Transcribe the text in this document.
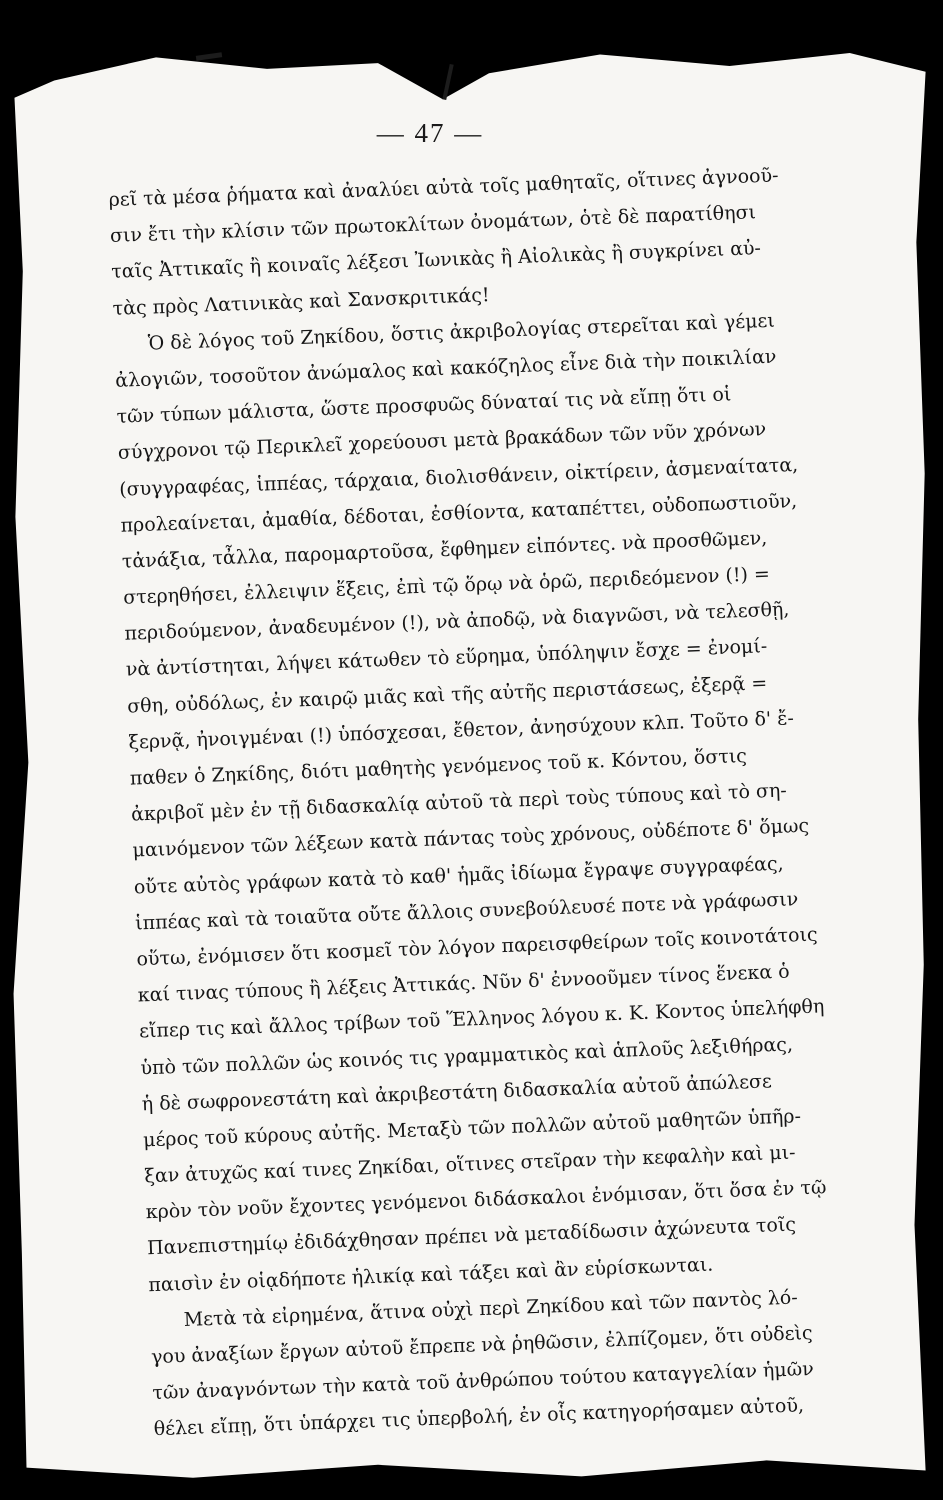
— 47 —
ρεῖ τὰ μέσα ῥήματα καὶ ἀναλύει αὐτὰ τοῖς μαθηταῖς, οἵτινες ἀγνοοῦ-
σιν ἔτι τὴν κλίσιν τῶν πρωτοκλίτων ὀνομάτων, ὁτὲ δὲ παρατίθησι
ταῖς Ἀττικαῖς ἢ κοιναῖς λέξεσι Ἰωνικὰς ἢ Αἰολικὰς ἢ συγκρίνει αὐ-
τὰς πρὸς Λατινικὰς καὶ Σανσκριτικάς!
Ὁ δὲ λόγος τοῦ Ζηκίδου, ὅστις ἀκριβολογίας στερεῖται καὶ γέμει
ἀλογιῶν, τοσοῦτον ἀνώμαλος καὶ κακόζηλος εἶνε διὰ τὴν ποικιλίαν
τῶν τύπων μάλιστα, ὥστε προσφυῶς δύναταί τις νὰ εἴπῃ ὅτι οἱ
σύγχρονοι τῷ Περικλεῖ χορεύουσι μετὰ βρακάδων τῶν νῦν χρόνων
(συγγραφέας, ἱππέας, τάρχαια, διολισθάνειν, οἰκτίρειν, ἀσμεναίτατα,
προλεαίνεται, ἀμαθία, δέδοται, ἐσθίοντα, καταπέττει, οὐδοπωστιοῦν,
τἀνάξια, τἆλλα, παρομαρτοῦσα, ἔφθημεν εἰπόντες. νὰ προσθῶμεν,
στερηθήσει, ἐλλειψιν ἕξεις, ἐπὶ τῷ ὅρῳ νὰ ὁρῶ, περιδεόμενον (!) =
περιδούμενον, ἀναδευμένον (!), νὰ ἀποδῷ, νὰ διαγνῶσι, νὰ τελεσθῇ,
νὰ ἀντίστηται, λήψει κάτωθεν τὸ εὕρημα, ὑπόληψιν ἔσχε = ἐνομί-
σθη, οὐδόλως, ἐν καιρῷ μιᾶς καὶ τῆς αὐτῆς περιστάσεως, ἐξερᾷ =
ξερνᾷ, ἠνοιγμέναι (!) ὑπόσχεσαι, ἔθετον, ἀνησύχουν κλπ. Τοῦτο δ' ἔ-
παθεν ὁ Ζηκίδης, διότι μαθητὴς γενόμενος τοῦ κ. Κόντου, ὅστις
ἀκριβοῖ μὲν ἐν τῇ διδασκαλίᾳ αὐτοῦ τὰ περὶ τοὺς τύπους καὶ τὸ ση-
μαινόμενον τῶν λέξεων κατὰ πάντας τοὺς χρόνους, οὐδέποτε δ' ὅμως
οὔτε αὐτὸς γράφων κατὰ τὸ καθ' ἡμᾶς ἰδίωμα ἔγραψε συγγραφέας,
ἱππέας καὶ τὰ τοιαῦτα οὔτε ἄλλοις συνεβούλευσέ ποτε νὰ γράφωσιν
οὕτω, ἐνόμισεν ὅτι κοσμεῖ τὸν λόγον παρεισφθείρων τοῖς κοινοτάτοις
καί τινας τύπους ἢ λέξεις Ἀττικάς. Νῦν δ' ἐννοοῦμεν τίνος ἕνεκα ὁ
εἴπερ τις καὶ ἄλλος τρίβων τοῦ Ἕλληνος λόγου κ. Κ. Κοντος ὑπελήφθη
ὑπὸ τῶν πολλῶν ὡς κοινός τις γραμματικὸς καὶ ἁπλοῦς λεξιθήρας,
ἡ δὲ σωφρονεστάτη καὶ ἀκριβεστάτη διδασκαλία αὐτοῦ ἀπώλεσε
μέρος τοῦ κύρους αὐτῆς. Μεταξὺ τῶν πολλῶν αὐτοῦ μαθητῶν ὑπῆρ-
ξαν ἀτυχῶς καί τινες Ζηκίδαι, οἵτινες στεῖραν τὴν κεφαλὴν καὶ μι-
κρὸν τὸν νοῦν ἔχοντες γενόμενοι διδάσκαλοι ἐνόμισαν, ὅτι ὅσα ἐν τῷ
Πανεπιστημίῳ ἐδιδάχθησαν πρέπει νὰ μεταδίδωσιν ἀχώνευτα τοῖς
παισὶν ἐν οἱᾳδήποτε ἡλικίᾳ καὶ τάξει καὶ ἂν εὑρίσκωνται.
Μετὰ τὰ εἰρημένα, ἅτινα οὐχὶ περὶ Ζηκίδου καὶ τῶν παντὸς λό-
γου ἀναξίων ἔργων αὐτοῦ ἔπρεπε νὰ ῥηθῶσιν, ἐλπίζομεν, ὅτι οὐδεὶς
τῶν ἀναγνόντων τὴν κατὰ τοῦ ἀνθρώπου τούτου καταγγελίαν ἡμῶν
θέλει εἴπῃ, ὅτι ὑπάρχει τις ὑπερβολή, ἐν οἷς κατηγορήσαμεν αὐτοῦ,
